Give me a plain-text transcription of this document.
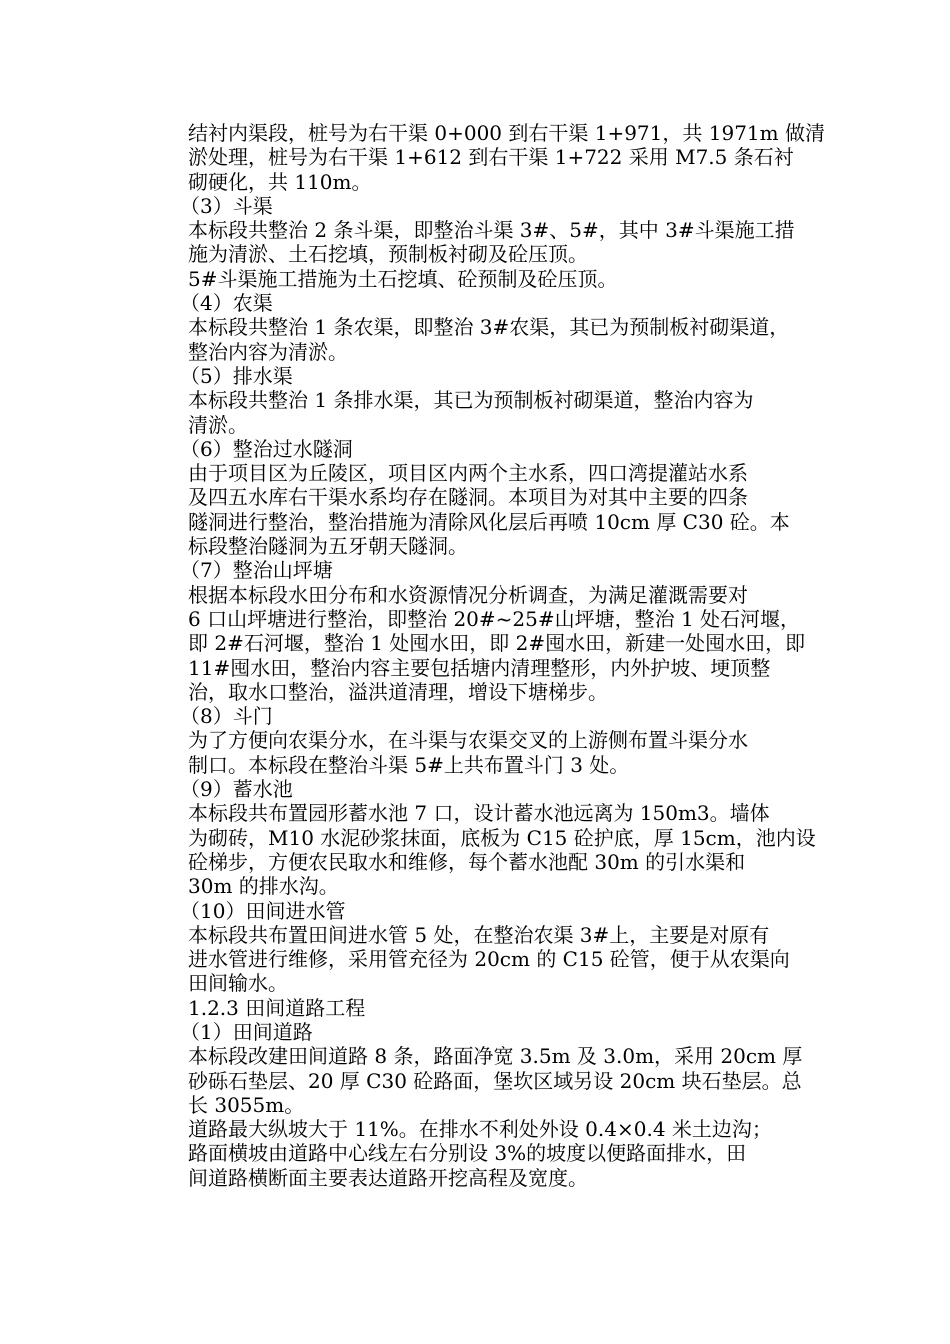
结衬内渠段，桩号为右干渠 0+000 到右干渠 1+971，共 1971m 做清
淤处理，桩号为右干渠 1+612 到右干渠 1+722 采用 M7.5 条石衬
砌硬化，共 110m。
（3）斗渠
本标段共整治 2 条斗渠，即整治斗渠 3#、5#，其中 3#斗渠施工措
施为清淤、土石挖填，预制板衬砌及砼压顶。
5#斗渠施工措施为土石挖填、砼预制及砼压顶。
（4）农渠
本标段共整治 1 条农渠，即整治 3#农渠，其已为预制板衬砌渠道，
整治内容为清淤。
（5）排水渠
本标段共整治 1 条排水渠，其已为预制板衬砌渠道，整治内容为
清淤。
（6）整治过水隧洞
由于项目区为丘陵区，项目区内两个主水系，四口湾提灌站水系
及四五水库右干渠水系均存在隧洞。本项目为对其中主要的四条
隧洞进行整治，整治措施为清除风化层后再喷 10cm 厚 C30 砼。本
标段整治隧洞为五牙朝天隧洞。
（7）整治山坪塘
根据本标段水田分布和水资源情况分析调查，为满足灌溉需要对
6 口山坪塘进行整治，即整治 20#~25#山坪塘，整治 1 处石河堰，
即 2#石河堰，整治 1 处囤水田，即 2#囤水田，新建一处囤水田，即
11#囤水田，整治内容主要包括塘内清理整形，内外护坡、埂顶整
治，取水口整治，溢洪道清理，增设下塘梯步。
（8）斗门
为了方便向农渠分水，在斗渠与农渠交叉的上游侧布置斗渠分水
制口。本标段在整治斗渠 5#上共布置斗门 3 处。
（9）蓄水池
本标段共布置园形蓄水池 7 口，设计蓄水池远离为 150m3。墙体
为砌砖，M10 水泥砂浆抹面，底板为 C15 砼护底，厚 15cm，池内设
砼梯步，方便农民取水和维修，每个蓄水池配 30m 的引水渠和
30m 的排水沟。
（10）田间进水管
本标段共布置田间进水管 5 处，在整治农渠 3#上，主要是对原有
进水管进行维修，采用管充径为 20cm 的 C15 砼管，便于从农渠向
田间输水。
1.2.3 田间道路工程
（1）田间道路
本标段改建田间道路 8 条，路面净宽 3.5m 及 3.0m，采用 20cm 厚
砂砾石垫层、20 厚 C30 砼路面，堡坎区域另设 20cm 块石垫层。总
长 3055m。
道路最大纵坡大于 11%。在排水不利处外设 0.4×0.4 米土边沟；
路面横坡由道路中心线左右分别设 3%的坡度以便路面排水，田
间道路横断面主要表达道路开挖高程及宽度。
